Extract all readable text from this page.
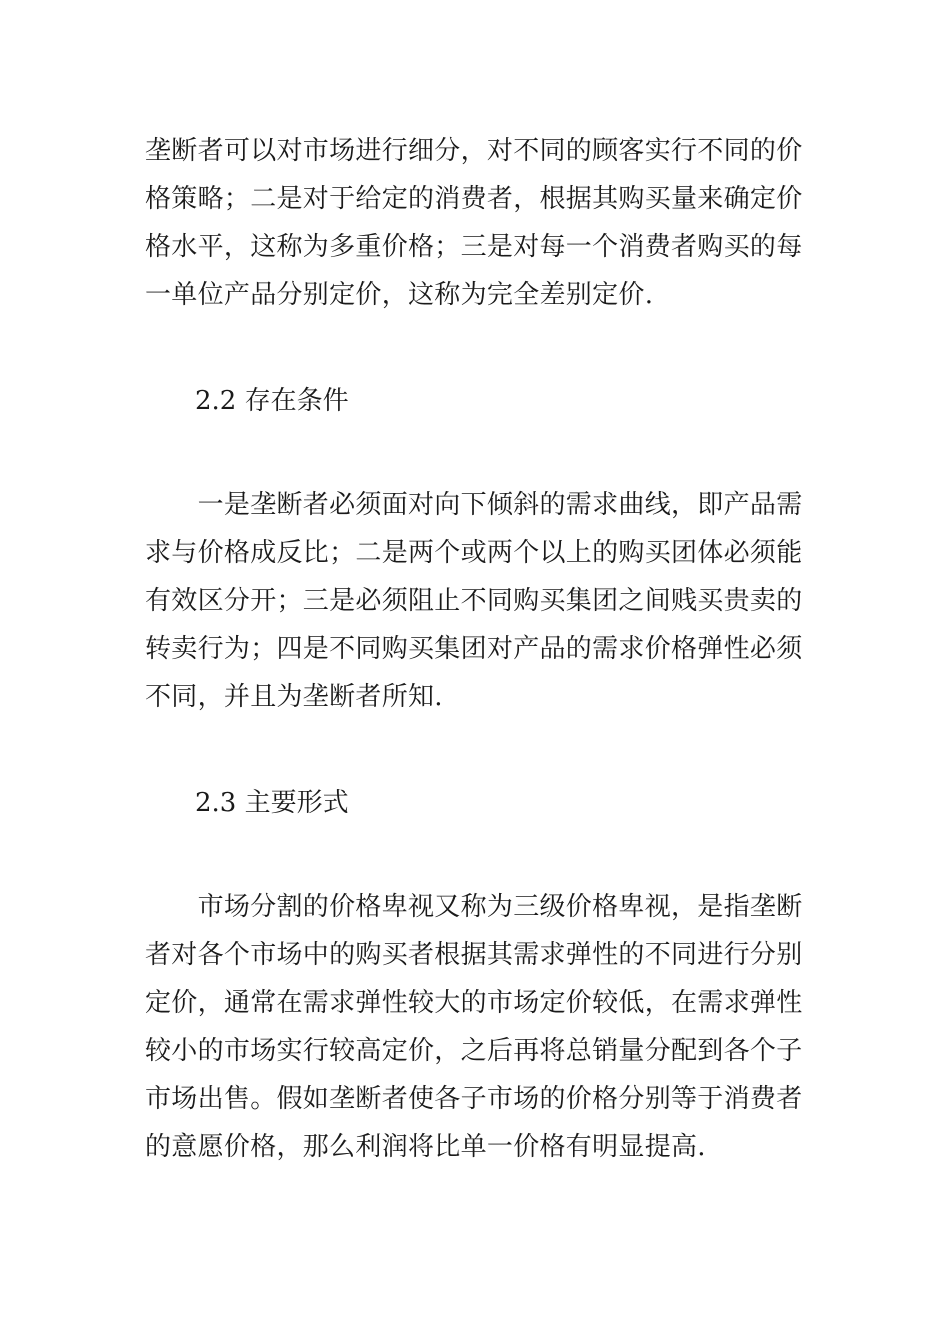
垄断者可以对市场进行细分，对不同的顾客实行不同的价
格策略；二是对于给定的消费者，根据其购买量来确定价
格水平，这称为多重价格；三是对每一个消费者购买的每
一单位产品分别定价，这称为完全差别定价.
2.2 存在条件
　　一是垄断者必须面对向下倾斜的需求曲线，即产品需
求与价格成反比；二是两个或两个以上的购买团体必须能
有效区分开；三是必须阻止不同购买集团之间贱买贵卖的
转卖行为；四是不同购买集团对产品的需求价格弹性必须
不同，并且为垄断者所知.
2.3 主要形式
　　市场分割的价格卑视又称为三级价格卑视，是指垄断
者对各个市场中的购买者根据其需求弹性的不同进行分别
定价，通常在需求弹性较大的市场定价较低，在需求弹性
较小的市场实行较高定价，之后再将总销量分配到各个子
市场出售。假如垄断者使各子市场的价格分别等于消费者
的意愿价格，那么利润将比单一价格有明显提高.
